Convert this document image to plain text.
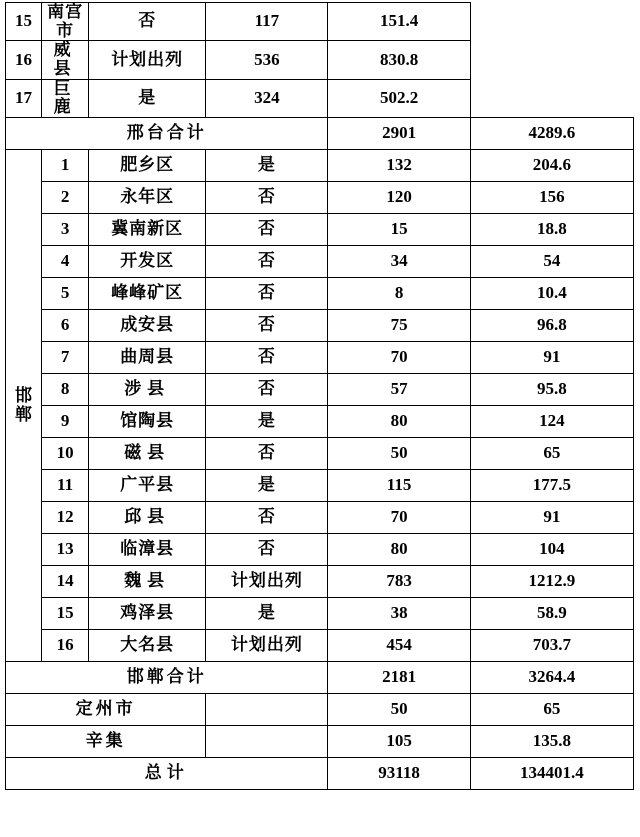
15	南宫市	否	117	151.4	
16	威 县	计划出列	536	830.8	
17	巨 鹿	是	324	502.2	
邢台合计				2901	4289.6

邯
郸	1	肥乡区	是	132	204.6
	2	永年区	否	120	156
	3	冀南新区	否	15	18.8
	4	开发区	否	34	54
	5	峰峰矿区	否	8	10.4
	6	成安县	否	75	96.8
	7	曲周县	否	70	91
	8	涉县	否	57	95.8
	9	馆陶县	是	80	124
	10	磁县	否	50	65
	11	广平县	是	115	177.5
	12	邱县	否	70	91
	13	临漳县	否	80	104
	14	魏县	计划出列	783	1212.9
	15	鸡泽县	是	38	58.9
	16	大名县	计划出列	454	703.7
邯郸合计				2181	3264.4
定州市				50	65
辛集				105	135.8
总计				93118	134401.4
